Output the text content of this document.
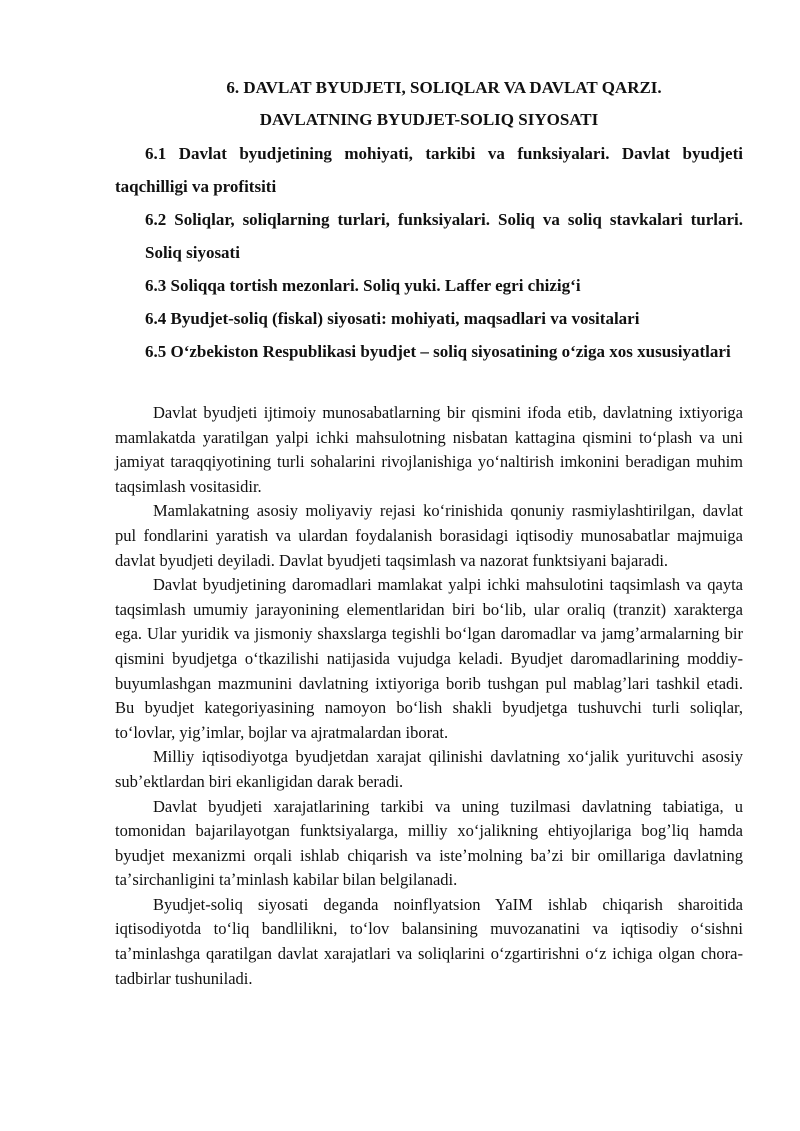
6. DAVLAT BYUDJETI, SOLIQLAR VA DAVLAT QARZI.
DAVLATNING BYUDJET-SOLIQ SIYOSATI
6.1 Davlat byudjetining mohiyati, tarkibi va funksiyalari. Davlat byudjeti taqchilligi va profitsiti
6.2 Soliqlar, soliqlarning turlari, funksiyalari. Soliq va soliq stavkalari turlari. Soliq siyosati
6.3 Soliqqa tortish mezonlari. Soliq yuki. Laffer egri chizigʻi
6.4 Byudjet-soliq (fiskal) siyosati: mohiyati, maqsadlari va vositalari
6.5 Oʻzbekiston Respublikasi byudjet – soliq siyosatining oʻziga xos xususiyatlari

Davlat byudjeti ijtimoiy munosabatlarning bir qismini ifoda etib, davlatning ixtiyoriga mamlakatda yaratilgan yalpi ichki mahsulotning nisbatan kattagina qismini toʻplash va uni jamiyat taraqqiyotining turli sohalarini rivojlanishiga yoʻnaltirish imkonini beradigan muhim taqsimlash vositasidir.

Mamlakatning asosiy moliyaviy rejasi koʻrinishida qonuniy rasmiylashtirilgan, davlat pul fondlarini yaratish va ulardan foydalanish borasidagi iqtisodiy munosabatlar majmuiga davlat byudjeti deyiladi. Davlat byudjeti taqsimlash va nazorat funktsiyani bajaradi.

Davlat byudjetining daromadlari mamlakat yalpi ichki mahsulotini taqsimlash va qayta taqsimlash umumiy jarayonining elementlaridan biri boʻlib, ular oraliq (tranzit) xarakterga ega. Ular yuridik va jismoniy shaxslarga tegishli boʻlgan daromadlar va jamgʼarmalarning bir qismini byudjetga oʻtkazilishi natijasida vujudga keladi. Byudjet daromadlarining moddiy-buyumlashgan mazmunini davlatning ixtiyoriga borib tushgan pul mablagʼlari tashkil etadi. Bu byudjet kategoriyasining namoyon boʻlish shakli byudjetga tushuvchi turli soliqlar, toʻlovlar, yigʼimlar, bojlar va ajratmalardan iborat.

Milliy iqtisodiyotga byudjetdan xarajat qilinishi davlatning xoʻjalik yurituvchi asosiy subʼektlardan biri ekanligidan darak beradi.

Davlat byudjeti xarajatlarining tarkibi va uning tuzilmasi davlatning tabiatiga, u tomonidan bajarilayotgan funktsiyalarga, milliy xoʻjalikning ehtiyojlariga bogʼliq hamda byudjet mexanizmi orqali ishlab chiqarish va isteʼmolning baʼzi bir omillariga davlatning taʼsirchanligini taʼminlash kabilar bilan belgilanadi.

Byudjet-soliq siyosati deganda noinflyatsion YaIM ishlab chiqarish sharoitida iqtisodiyotda toʻliq bandlilikni, toʻlov balansining muvozanatini va iqtisodiy oʻsishni taʼminlashga qaratilgan davlat xarajatlari va soliqlarini oʻzgartirishni oʻz ichiga olgan chora-tadbirlar tushuniladi.
